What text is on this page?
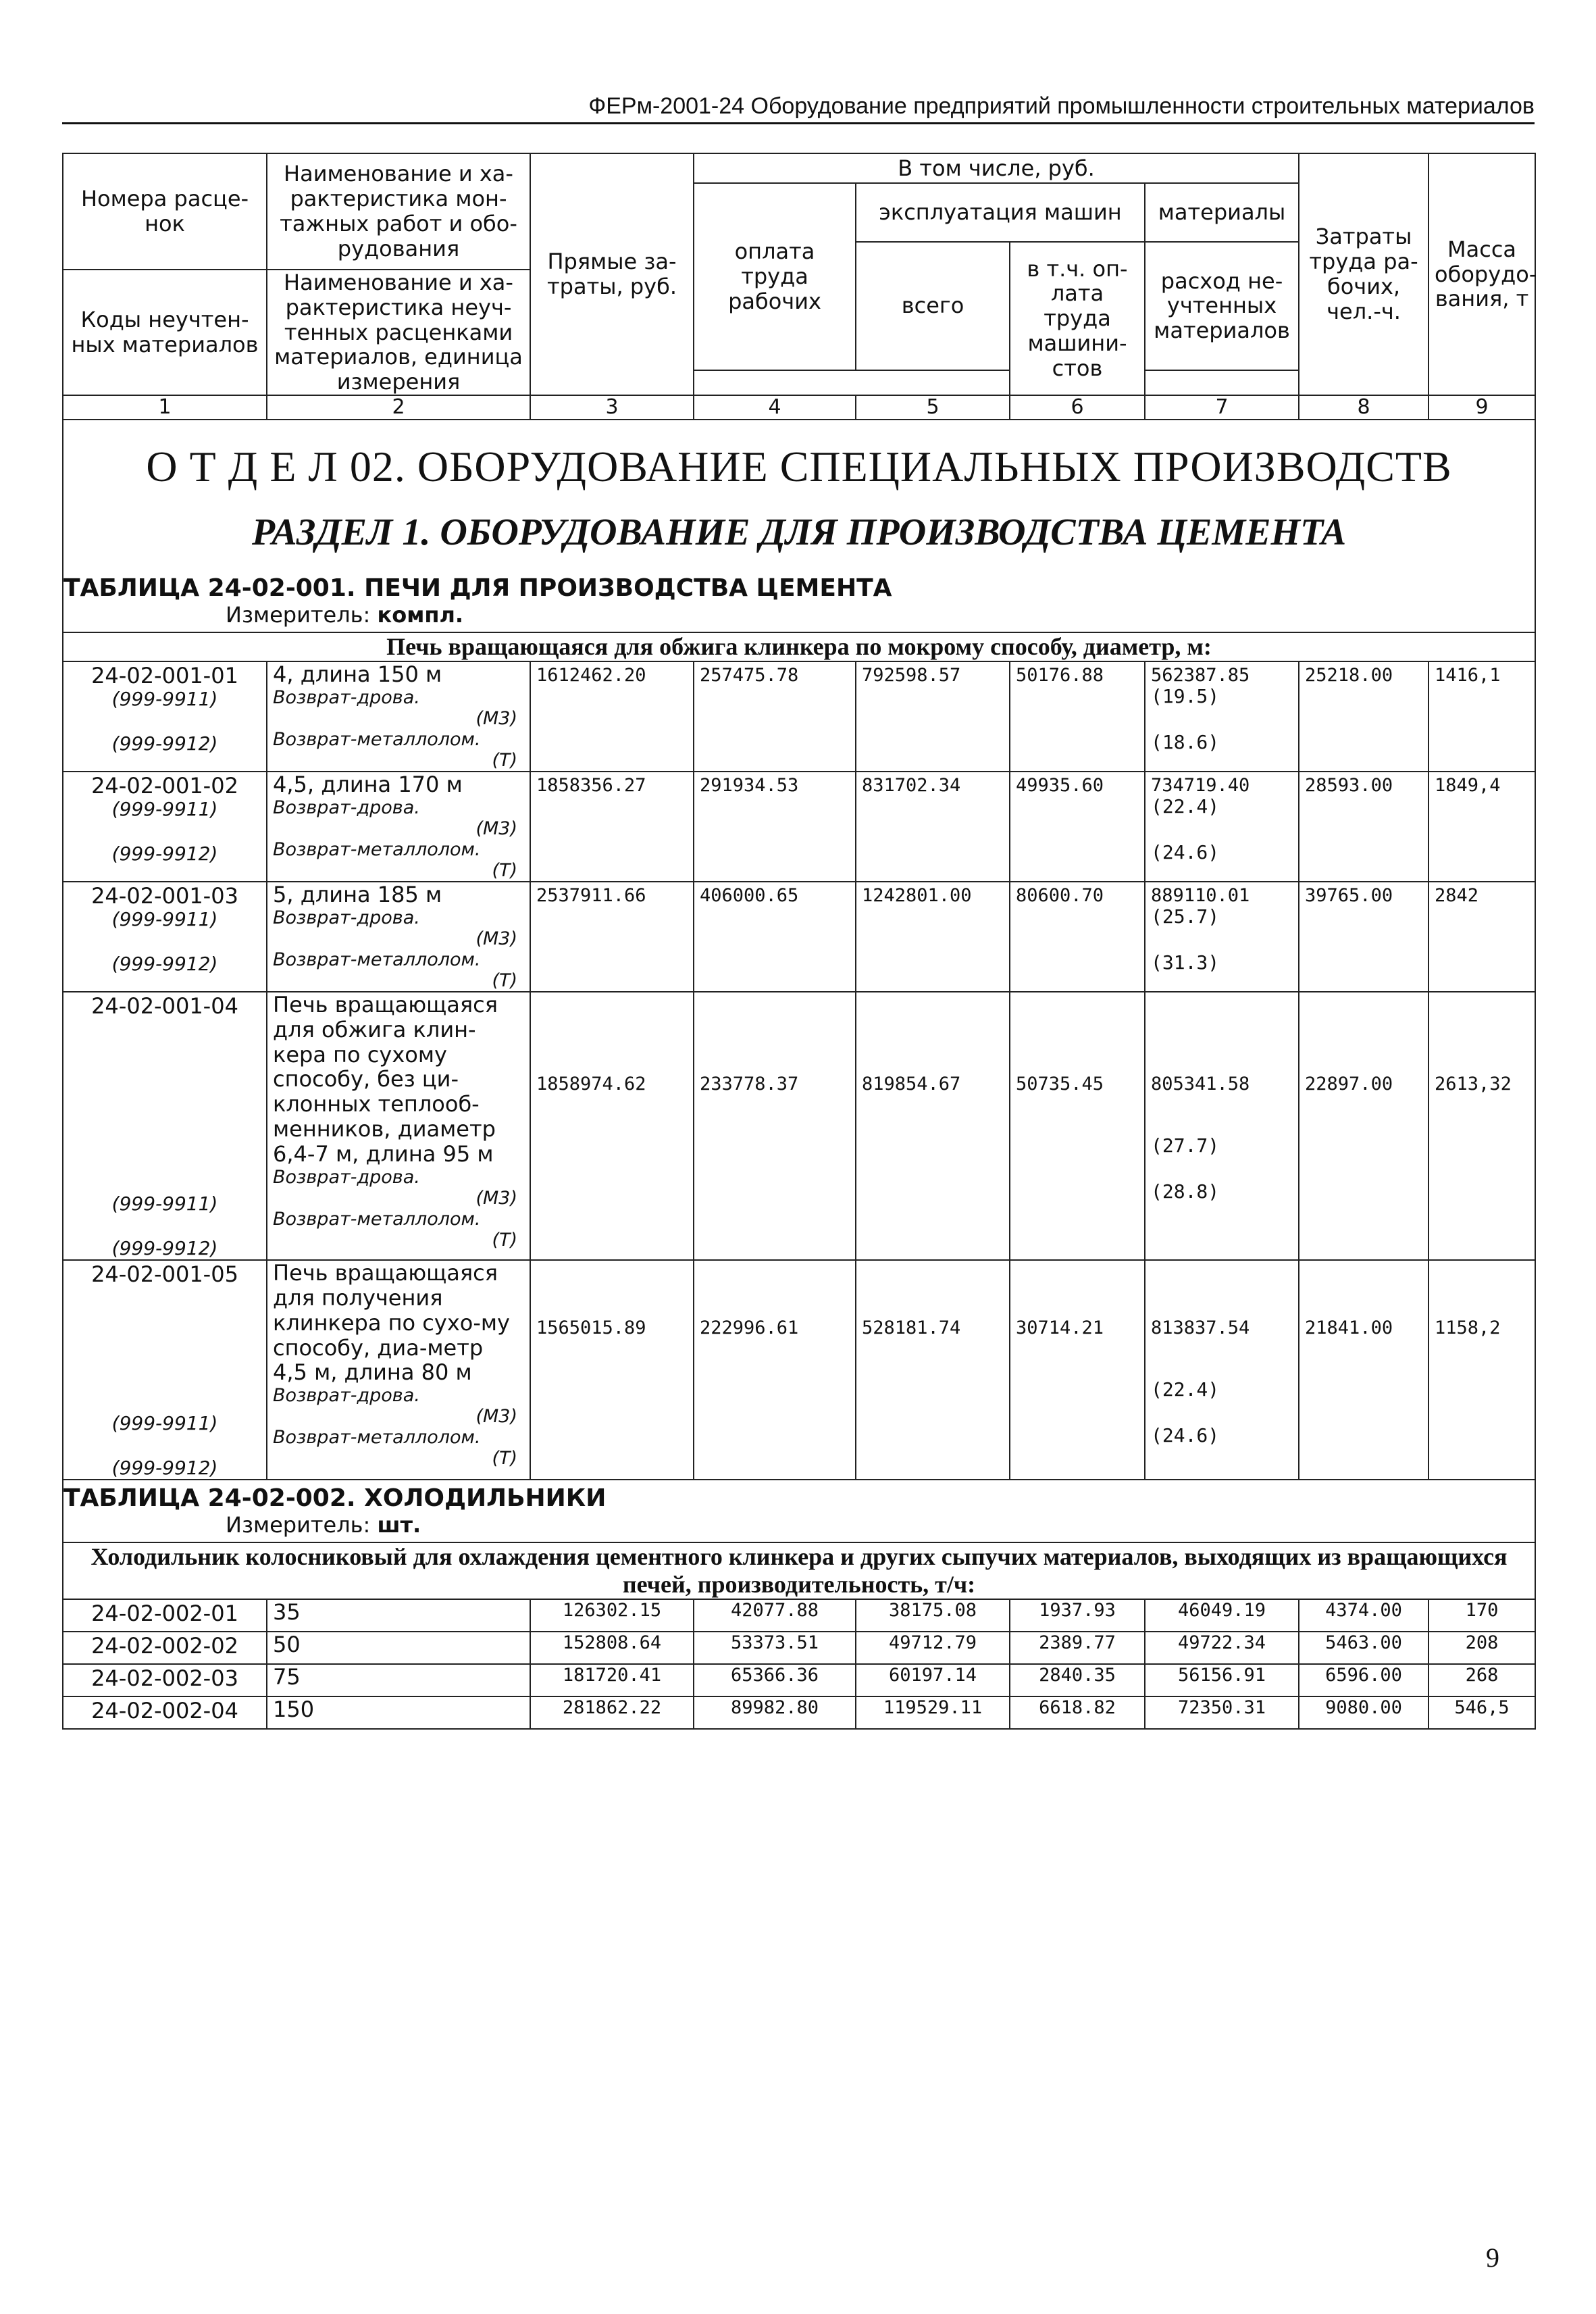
ФЕРм-2001-24 Оборудование предприятий промышленности строительных материалов
Номера расце-нок	Наименование и ха-рактеристика мон-тажных работ и обо-рудования	Прямые за-траты, руб.	В том числе, руб.				Затраты труда ра-бочих, чел.-ч.	Масса оборудо-вания, т
			оплата труда рабочих	эксплуатация машин		материалы		
				всего	в т.ч. оп-лата труда машини-стов	расход не-учтенных материалов		
Коды неучтен-ных материалов	Наименование и ха-рактеристика неуч-тенных расценками материалов, единица измерения							

1	2	3	4	5	6	7	8	9

О Т Д Е Л 02. ОБОРУДОВАНИЕ СПЕЦИАЛЬНЫХ ПРОИЗВОДСТВ
РАЗДЕЛ 1. ОБОРУДОВАНИЕ ДЛЯ ПРОИЗВОДСТВА ЦЕМЕНТА
ТАБЛИЦА 24-02-001. ПЕЧИ ДЛЯ ПРОИЗВОДСТВА ЦЕМЕНТА
Измеритель: компл.								

Печь вращающаяся для обжига клинкера по мокрому способу, диаметр, м:								

24-02-001-01
(999-9911)
(999-9912)	4, длина 150 м
Возврат-дрова.
(М3)
Возврат-металлолом.
(Т)	1612462.20	257475.78	792598.57	50176.88	562387.85
(19.5)
(18.6)	25218.00	1416,1

24-02-001-02
(999-9911)
(999-9912)	4,5, длина 170 м
Возврат-дрова.
(М3)
Возврат-металлолом.
(Т)	1858356.27	291934.53	831702.34	49935.60	734719.40
(22.4)
(24.6)	28593.00	1849,4

24-02-001-03
(999-9911)
(999-9912)	5, длина 185 м
Возврат-дрова.
(М3)
Возврат-металлолом.
(Т)	2537911.66	406000.65	1242801.00	80600.70	889110.01
(25.7)
(31.3)	39765.00	2842

24-02-001-04
(999-9911)
(999-9912)	Печь вращающаяся для обжига клин-кера по сухому способу, без ци-клонных теплооб-менников, диаметр 6,4-7 м, длина 95 м
Возврат-дрова.
(М3)
Возврат-металлолом.
(Т)	1858974.62	233778.37	819854.67	50735.45	805341.58
(27.7)
(28.8)	22897.00	2613,32

24-02-001-05
(999-9911)
(999-9912)	Печь вращающаяся для получения клинкера по сухо-му способу, диа-метр 4,5 м, длина 80 м
Возврат-дрова.
(М3)
Возврат-металлолом.
(Т)	1565015.89	222996.61	528181.74	30714.21	813837.54
(22.4)
(24.6)	21841.00	1158,2

ТАБЛИЦА 24-02-002. ХОЛОДИЛЬНИКИ
Измеритель: шт.								

Холодильник колосниковый для охлаждения цементного клинкера и других сыпучих материалов, выходящих из вращающихся печей, производительность, т/ч:								
24-02-002-01	35	126302.15	42077.88	38175.08	1937.93	46049.19	4374.00	170
24-02-002-02	50	152808.64	53373.51	49712.79	2389.77	49722.34	5463.00	208
24-02-002-03	75	181720.41	65366.36	60197.14	2840.35	56156.91	6596.00	268
24-02-002-04	150	281862.22	89982.80	119529.11	6618.82	72350.31	9080.00	546,5
9
